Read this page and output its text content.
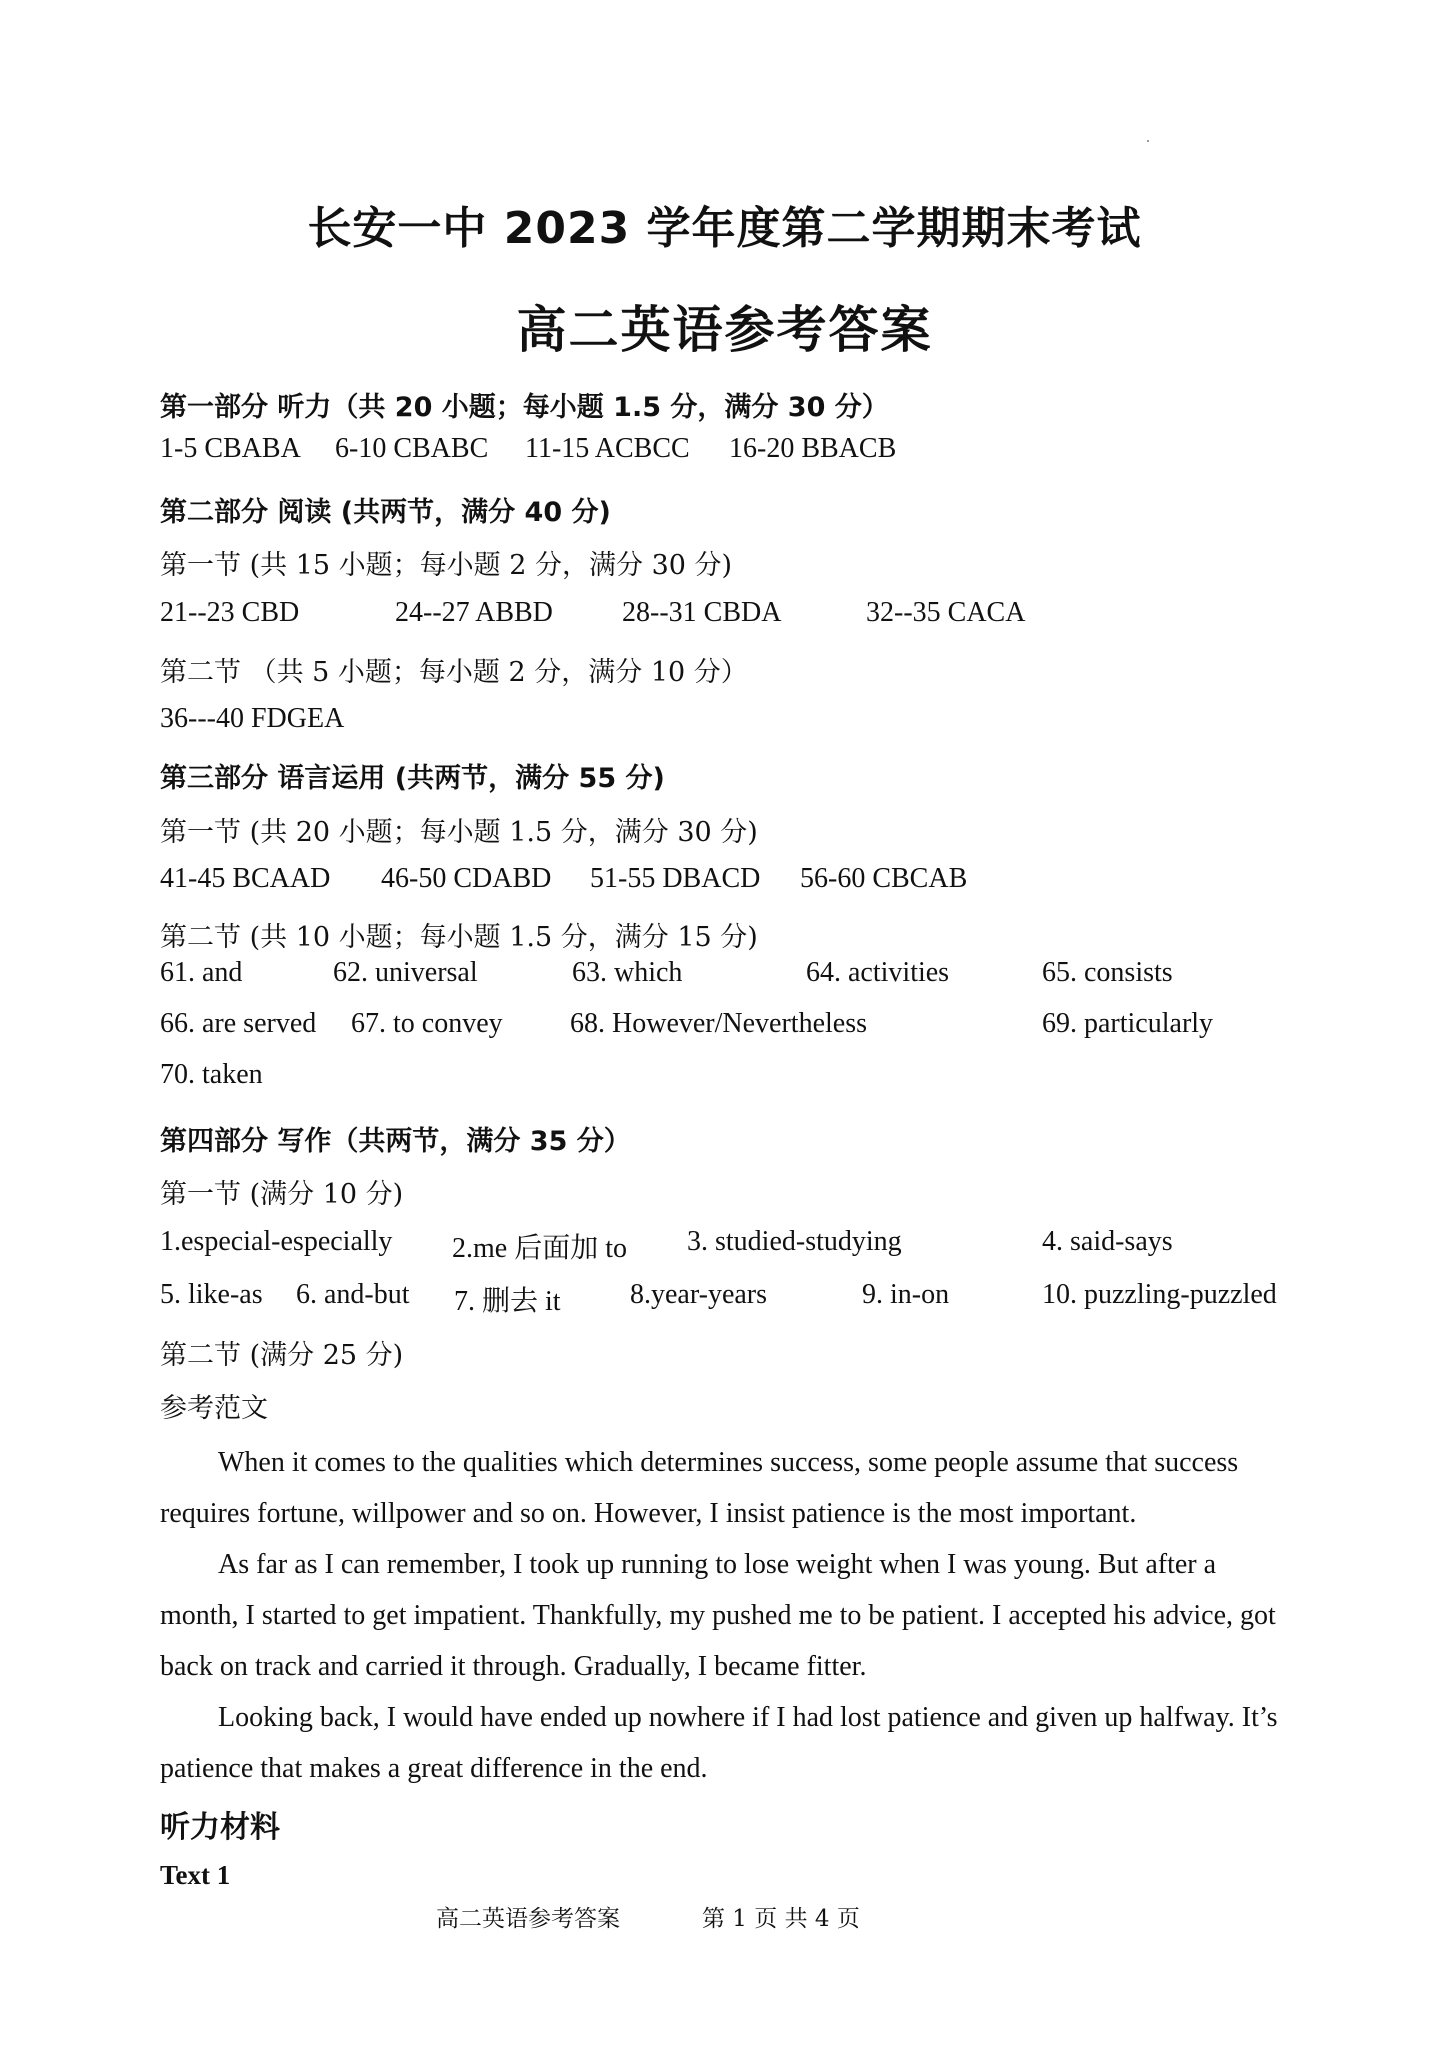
长安一中 2023 学年度第二学期期末考试
高二英语参考答案
第一部分 听力（共 20 小题；每小题 1.5 分，满分 30 分）
1-5 CBABA 6-10 CBABC 11-15 ACBCC 16-20 BBACB
第二部分 阅读 (共两节，满分 40 分)
第一节 (共 15 小题；每小题 2 分，满分 30 分)
21--23 CBD	24--27 ABBD 28--31 CBDA	32--35 CACA
第二节 （共 5 小题；每小题 2 分，满分 10 分）
36---40 FDGEA
第三部分 语言运用 (共两节，满分 55 分)
第一节 (共 20 小题；每小题 1.5 分，满分 30 分)
41-45 BCAAD 46-50 CDABD 51-55 DBACD 56-60 CBCAB
第二节 (共 10 小题；每小题 1.5 分，满分 15 分)
61. and	62. universal	63. which	64. activities	65. consists
66. are served 67. to convey 68. However/Nevertheless	69. particularly
70. taken
第四部分 写作（共两节，满分 35 分）
第一节 (满分 10 分)
1.especial-especially 2.me 后面加 to 3. studied-studying	4. said-says
5. like-as 6. and-but 7. 删去 it 8.year-years	9. in-on	10. puzzling-puzzled
第二节 (满分 25 分)
参考范文
When it comes to the qualities which determines success, some people assume that success requires fortune, willpower and so on. However, I insist patience is the most important.
As far as I can remember, I took up running to lose weight when I was young. But after a month, I started to get impatient. Thankfully, my pushed me to be patient. I accepted his advice, got back on track and carried it through. Gradually, I became fitter.
Looking back, I would have ended up nowhere if I had lost patience and given up halfway. It’s patience that makes a great difference in the end.
听力材料
Text 1
高二英语参考答案	第 1 页 共 4 页
